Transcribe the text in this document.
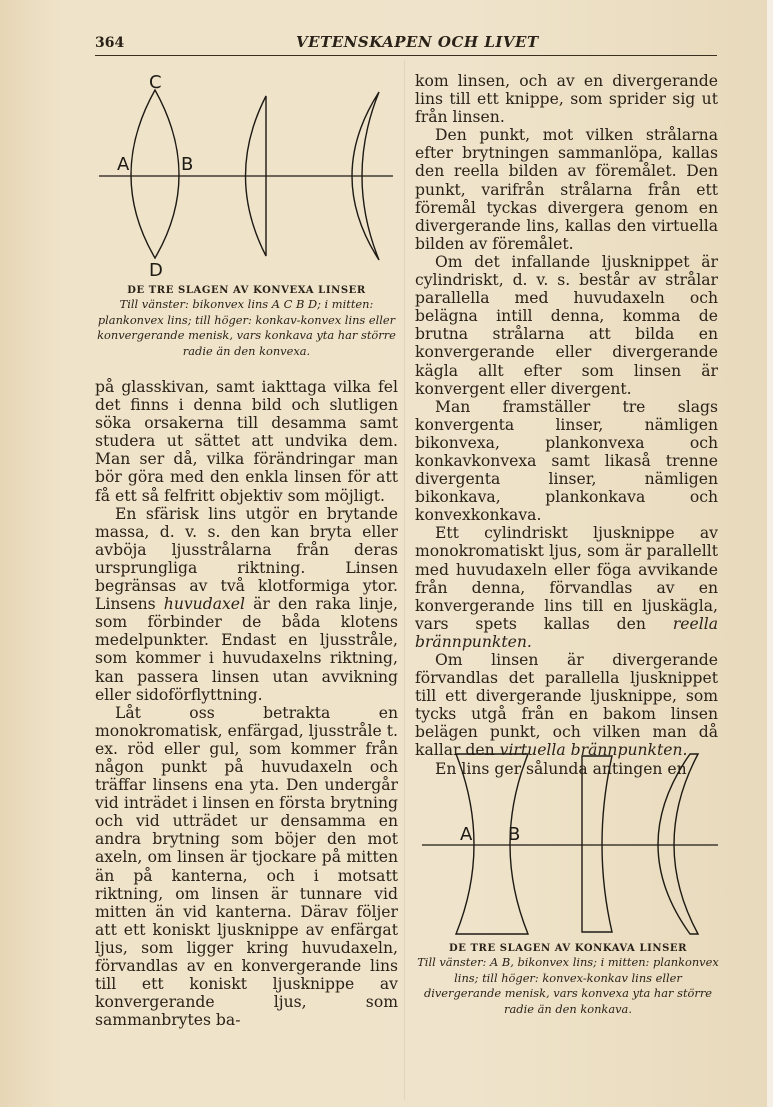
364	VETENSKAPEN OCH LIVET
C
A	B
D
DE TRE SLAGEN AV KONVEXA LINSER
Till vänster: bikonvex lins A C B D; i mitten: plankonvex lins; till höger: konkav-konvex lins eller konvergerande menisk, vars konkava yta har större radie än den konvexa.

på glasskivan, samt iakttaga vilka fel det finns i denna bild och slutligen söka orsakerna till desamma samt studera ut sättet att undvika dem. Man ser då, vilka förändringar man bör göra med den enkla linsen för att få ett så felfritt objektiv som möjligt.

En sfärisk lins utgör en brytande massa, d. v. s. den kan bryta eller avböja ljusstrålarna från deras ursprungliga riktning. Linsen begränsas av två klotformiga ytor. Linsens huvudaxel är den raka linje, som förbinder de båda klotens medelpunkter. Endast en ljusstråle, som kommer i huvudaxelns riktning, kan passera linsen utan avvikning eller sidoförflyttning.

Låt oss betrakta en monokromatisk, enfärgad, ljusstråle t. ex. röd eller gul, som kommer från någon punkt på huvudaxeln och träffar linsens ena yta. Den undergår vid inträdet i linsen en första brytning och vid utträdet ur densamma en andra brytning som böjer den mot axeln, om linsen är tjockare på mitten än på kanterna, och i motsatt riktning, om linsen är tunnare vid mitten än vid kanterna. Därav följer att ett koniskt ljusknippe av enfärgat ljus, som ligger kring huvudaxeln, förvandlas av en konvergerande lins till ett koniskt ljusknippe av konvergerande ljus, som sammanbrytes ba-

kom linsen, och av en divergerande lins till ett knippe, som sprider sig ut från linsen.

Den punkt, mot vilken strålarna efter brytningen sammanlöpa, kallas den reella bilden av föremålet. Den punkt, varifrån strålarna från ett föremål tyckas divergera genom en divergerande lins, kallas den virtuella bilden av föremålet.

Om det infallande ljusknippet är cylindriskt, d. v. s. består av strålar parallella med huvudaxeln och belägna intill denna, komma de brutna strålarna att bilda en konvergerande eller divergerande kägla allt efter som linsen är konvergent eller divergent.

Man framställer tre slags konvergenta linser, nämligen bikonvexa, plankonvexa och konkavkonvexa samt likaså trenne divergenta linser, nämligen bikonkava, plankonkava och konvexkonkava.

Ett cylindriskt ljusknippe av monokromatiskt ljus, som är parallellt med huvudaxeln eller föga avvikande från denna, förvandlas av en konvergerande lins till en ljuskägla, vars spets kallas den reella brännpunkten.

Om linsen är divergerande förvandlas det parallella ljusknippet till ett divergerande ljusknippe, som tycks utgå från en bakom linsen belägen punkt, och vilken man då kallar den virtuella brännpunkten.

En lins ger sålunda antingen en

A B
DE TRE SLAGEN AV KONKAVA LINSER
Till vänster: A B, bikonvex lins; i mitten: plankonvex lins; till höger: konvex-konkav lins eller divergerande menisk, vars konvexa yta har större radie än den konkava.
